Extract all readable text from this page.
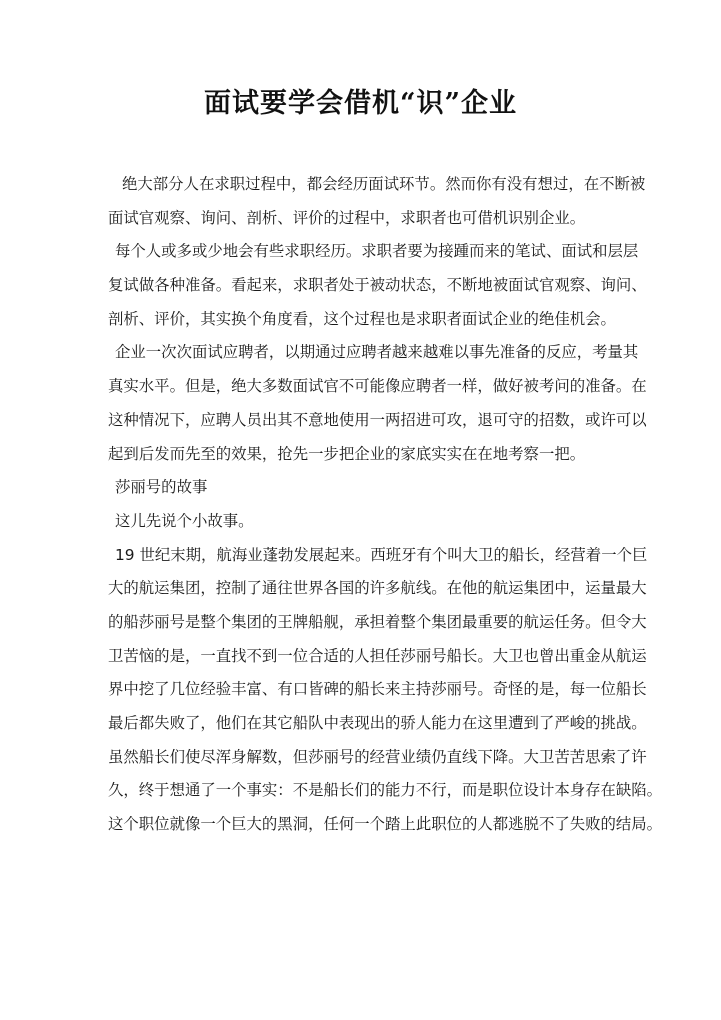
面试要学会借机“识”企业

绝大部分人在求职过程中，都会经历面试环节。然而你有没有想过，在不断被

面试官观察、询问、剖析、评价的过程中，求职者也可借机识别企业。

每个人或多或少地会有些求职经历。求职者要为接踵而来的笔试、面试和层层

复试做各种准备。看起来，求职者处于被动状态，不断地被面试官观察、询问、

剖析、评价，其实换个角度看，这个过程也是求职者面试企业的绝佳机会。

企业一次次面试应聘者，以期通过应聘者越来越难以事先准备的反应，考量其

真实水平。但是，绝大多数面试官不可能像应聘者一样，做好被考问的准备。在

这种情况下，应聘人员出其不意地使用一两招进可攻，退可守的招数，或许可以

起到后发而先至的效果，抢先一步把企业的家底实实在在地考察一把。

莎丽号的故事

这儿先说个小故事。

19 世纪末期，航海业蓬勃发展起来。西班牙有个叫大卫的船长，经营着一个巨

大的航运集团，控制了通往世界各国的许多航线。在他的航运集团中，运量最大

的船莎丽号是整个集团的王牌船舰，承担着整个集团最重要的航运任务。但令大

卫苦恼的是，一直找不到一位合适的人担任莎丽号船长。大卫也曾出重金从航运

界中挖了几位经验丰富、有口皆碑的船长来主持莎丽号。奇怪的是，每一位船长

最后都失败了，他们在其它船队中表现出的骄人能力在这里遭到了严峻的挑战。

虽然船长们使尽浑身解数，但莎丽号的经营业绩仍直线下降。大卫苦苦思索了许

久，终于想通了一个事实：不是船长们的能力不行，而是职位设计本身存在缺陷。

这个职位就像一个巨大的黑洞，任何一个踏上此职位的人都逃脱不了失败的结局。
